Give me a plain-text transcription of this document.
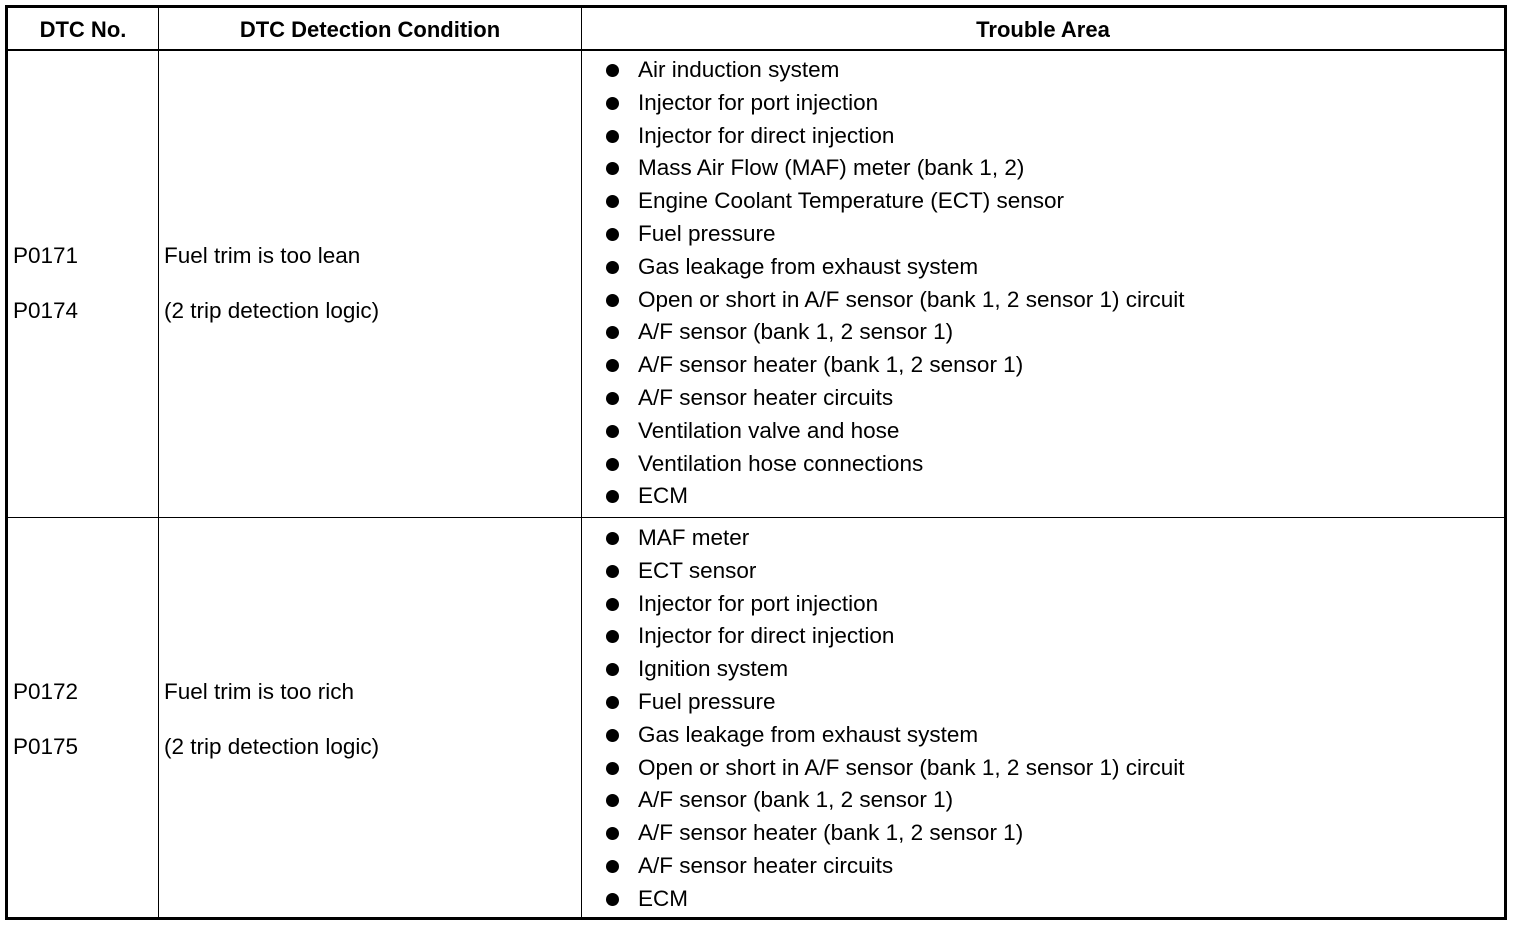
DTC No.	DTC Detection Condition	Trouble Area
P0171
P0174
Fuel trim is too lean
(2 trip detection logic)
Air induction system
Injector for port injection
Injector for direct injection
Mass Air Flow (MAF) meter (bank 1, 2)
Engine Coolant Temperature (ECT) sensor
Fuel pressure
Gas leakage from exhaust system
Open or short in A/F sensor (bank 1, 2 sensor 1) circuit
A/F sensor (bank 1, 2 sensor 1)
A/F sensor heater (bank 1, 2 sensor 1)
A/F sensor heater circuits
Ventilation valve and hose
Ventilation hose connections
ECM
P0172
P0175
Fuel trim is too rich
(2 trip detection logic)
MAF meter
ECT sensor
Injector for port injection
Injector for direct injection
Ignition system
Fuel pressure
Gas leakage from exhaust system
Open or short in A/F sensor (bank 1, 2 sensor 1) circuit
A/F sensor (bank 1, 2 sensor 1)
A/F sensor heater (bank 1, 2 sensor 1)
A/F sensor heater circuits
ECM
